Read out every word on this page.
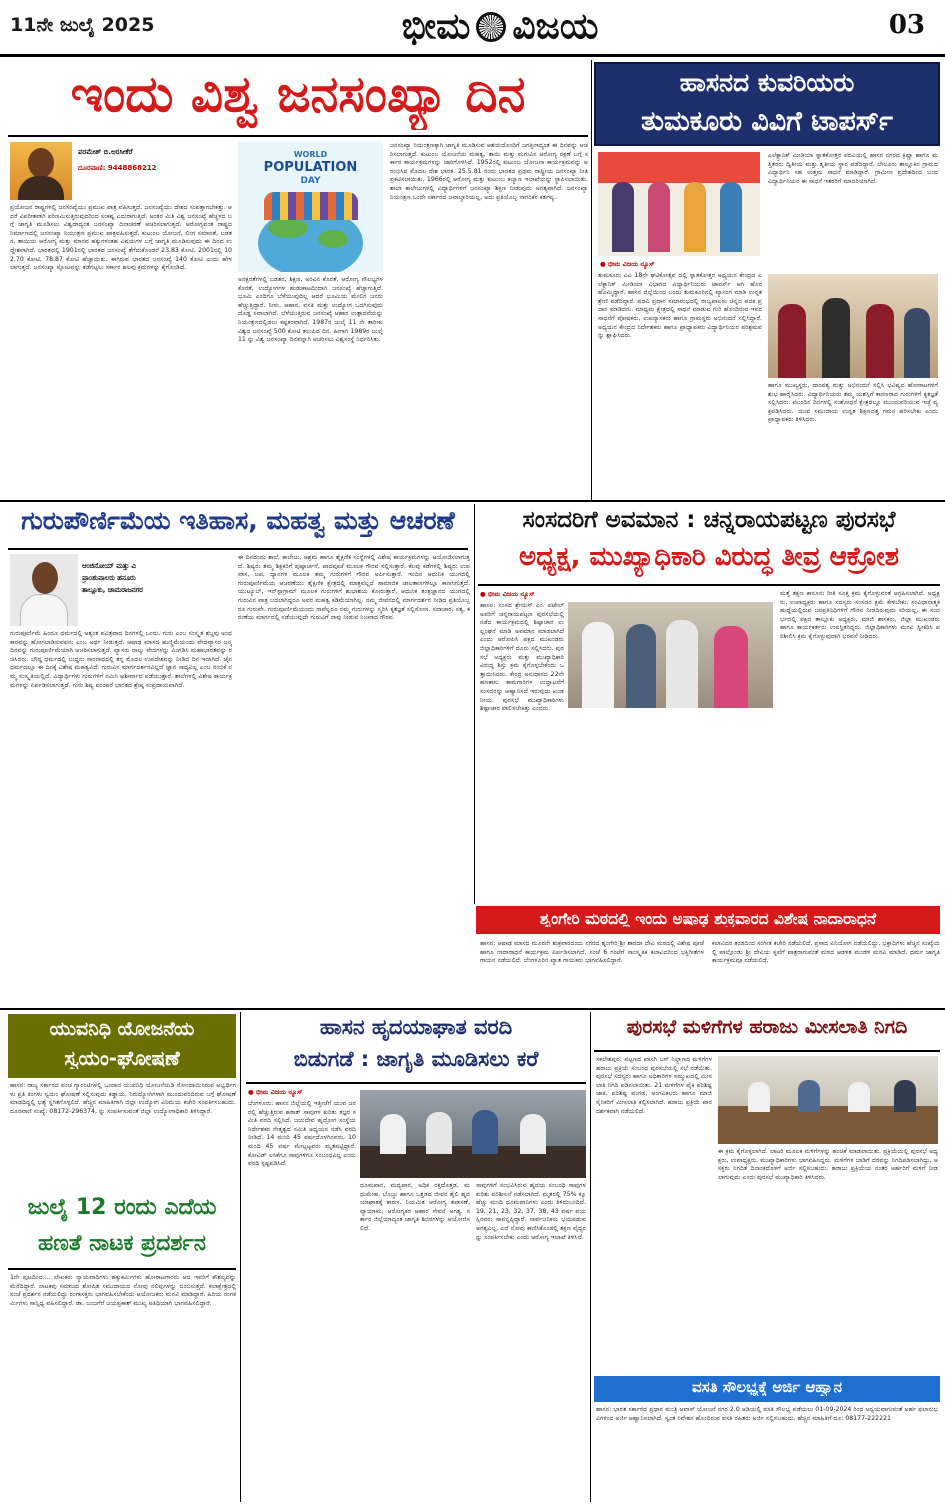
11ನೇ ಜುಲೈ 2025	ಭೀಮ ವಿಜಯ	03
ಇಂದು ವಿಶ್ವ ಜನಸಂಖ್ಯಾ ದಿನ
ಪರಮೇಶ್ ಬಿ.ಅರಸೀಕೆರೆ
ದೂರವಾಣಿ: 9448868212
ಪ್ರಯೋಜನ ರಾಷ್ಟ್ರಗಳಲ್ಲಿ ಜನಸಂಖ್ಯೆಯು ಪ್ರಮುಖ ಪಾತ್ರ ವಹಿಸುತ್ತದೆ. ಜನಸಂಖ್ಯೆಯು ದೇಶದ ಸಂಪತ್ತಾಗಬೇಕತ್ತು. ಆದರೆ ವಿಪರೀತವಾಗಿ ಪರಿಣಮಿಸುತ್ತಿರುವುದರಿಂದ ಸಂಕಷ್ಟ ಎದುರಾಗುತ್ತಿದೆ. ಅಂತರ ಮಿತಿ ವಿಶ್ವ ಜನಸಂಖ್ಯೆ ಹೆಚ್ಚಳದ ಬಗ್ಗೆ ಜಾಗೃತಿ ಮೂಡಿಸಲು ವಿಶ್ವದಾದ್ಯಂತ ಜನಸಂಖ್ಯಾ ದಿನಾಚರಣೆ ಆಚರಿಸಲಾಗುತ್ತದೆ. ಆರೋಗ್ಯವಂತ ರಾಷ್ಟ್ರದ ನಿರ್ಮಾಣದಲ್ಲಿ ಜನಸಂಖ್ಯಾ ನಿಯಂತ್ರಣ ಪ್ರಮುಖ ಪಾತ್ರವಹಿಸುತ್ತದೆ. ಕುಟುಂಬ ಯೋಜನೆ, ಲಿಂಗ ಸಮಾನತೆ, ಬಡತನ, ತಾಯಿಯ ಆರೋಗ್ಯ ಮತ್ತು ಮಾನವ ಹಕ್ಕುಗಳಂತಹ ವಿಷಯಗಳ ಬಗ್ಗೆ ಜಾಗೃತಿ ಮೂಡಿಸುವುದು ಈ ದಿನದ ಉದ್ದೇಶವಾಗಿದೆ. ಭಾರತದಲ್ಲಿ 1901ರಲ್ಲಿ ಭಾರತದ ಜನಸಂಖ್ಯೆ ತೆಗೆದುಕೊಂಡರೆ 23.83 ಕೋಟಿ, 2001ರಲ್ಲಿ 102.70 ಕೋಟಿ, 78.87 ಕೋಟಿ ಹೆಚ್ಚಾಯಿತು. ಈಗಿರುವ ಭಾರತದ ಜನಸಂಖ್ಯೆ 140 ಕೋಟಿ ಎಂದು ಹೇಳಲಾಗುತ್ತದೆ. ಜನಸಂಖ್ಯಾ ಸ್ಫೋಟವನ್ನು ತಡೆಗಟ್ಟಲು ಸರ್ಕಾರ ಹಲವು ಕ್ರಮಗಳನ್ನು ಕೈಗೊಂಡಿದೆ.
WORLD
POPULATION
DAY
ಅನಕ್ಷರತೆಗಳಲ್ಲಿ ಬಡತನ, ಶಿಕ್ಷಣ, ಅರಿವಿನ ಕೊರತೆ, ಆರೋಗ್ಯ ಸೌಲಭ್ಯಗಳ ಕೊರತೆ, ಉದ್ಯೋಗಗಳ ಹುಡುಕಾಟದಿಂದಾಗಿ ಜನಸಂಖ್ಯೆ ಹೆಚ್ಚಾಗುತ್ತಿದೆ. ಭೂಮಿ ಎಂದಿಗೂ ಬೆಳೆಯುವುದಿಲ್ಲ ಆದರೆ ಭೂಮಿಯ ಮೇಲಿನ ಜನರು ಹೆಚ್ಚುತ್ತಿದ್ದಾರೆ. ನೀರು, ಆಹಾರ, ವಸತಿ ಮತ್ತು ಉದ್ಯೋಗ ಒದಗಿಸುವುದು ದೊಡ್ಡ ಸವಾಲಾಗಿದೆ. ಬೆಳೆಯುತ್ತಿರುವ ಜನಸಂಖ್ಯೆ ಆಹಾರ ಉತ್ಪಾದನೆಯನ್ನು ನಿಯಂತ್ರಣದಲ್ಲಿಡಲು ಕಷ್ಟಕರವಾಗಿದೆ. 1987ರ ಜುಲೈ 11 ನೇ ತಾರೀಕು ವಿಶ್ವದ ಜನಸಂಖ್ಯೆ 500 ಕೋಟಿ ತಲುಪಿದ ದಿನ. ಹೀಗಾಗಿ 1989ರ ಜುಲೈ 11 ನ್ನು ವಿಶ್ವ ಜನಸಂಖ್ಯಾ ದಿನವನ್ನಾಗಿ ಆಚರಿಸಲು ವಿಶ್ವಸಂಸ್ಥೆ ನಿರ್ಧರಿಸಿತು.
ಜನಸಂಖ್ಯಾ ನಿಯಂತ್ರಣಕ್ಕಾಗಿ ಜಾಗೃತಿ ಮೂಡಿಸುವ ಆಶಯದೊಂದಿಗೆ ಜಗತ್ತಿನಾದ್ಯಂತ ಈ ದಿನವನ್ನು ಆಚರಿಸಲಾಗುತ್ತದೆ. ಕುಟುಂಬ ಯೋಜನೆಯ ಮಹತ್ವ, ತಾಯಿ ಮತ್ತು ಮಗುವಿನ ಆರೋಗ್ಯ ರಕ್ಷಣೆ ಬಗ್ಗೆ ಸರ್ಕಾರ ಕಾರ್ಯಕ್ರಮಗಳನ್ನು ಜಾರಿಗೊಳಿಸಿದೆ. 1952ರಲ್ಲಿ ಕುಟುಂಬ ಯೋಜನಾ ಕಾರ್ಯಕ್ರಮವನ್ನು ಆರಂಭಿಸಿದ ಮೊದಲ ದೇಶ ಭಾರತ. 25.5.81 ರಂದು ಭಾರತದ ಪ್ರಥಮ ರಾಷ್ಟ್ರೀಯ ಜನಸಂಖ್ಯಾ ನೀತಿ ಪ್ರಕಟಿಸಲಾಯಿತು. 1966ರಲ್ಲಿ ಆರೋಗ್ಯ ಮತ್ತು ಕುಟುಂಬ ಕಲ್ಯಾಣ ಇಲಾಖೆಯನ್ನು ಸ್ಥಾಪಿಸಲಾಯಿತು. ಶಾಲಾ ಕಾಲೇಜುಗಳಲ್ಲಿ ವಿದ್ಯಾರ್ಥಿಗಳಿಗೆ ಜನಸಂಖ್ಯಾ ಶಿಕ್ಷಣ ನೀಡುವುದು ಅಗತ್ಯವಾಗಿದೆ. ಜನಸಂಖ್ಯಾ ನಿಯಂತ್ರಣ ಒಂದೇ ಸರ್ಕಾರದ ಜವಾಬ್ದಾರಿಯಲ್ಲ, ಅದು ಪ್ರತಿಯೊಬ್ಬ ನಾಗರಿಕನ ಕರ್ತವ್ಯ..
ಹಾಸನದ ಕುವರಿಯರು
ತುಮಕೂರು ವಿವಿಗೆ ಟಾಪರ್ಸ್
● ಭೀಮ ವಿಜಯ ನ್ಯೂಸ್
ತುಮಕೂರು ವಿವಿ 18ನೇ ಘಟಿಕೋತ್ಸವ ದಲ್ಲಿ ಸ್ನಾತಕೋತ್ತರ ಅಧ್ಯಯನ ಕೇಂದ್ರದ ಎಲೆಕ್ಟ್ರಾನಿಕ್ ಮೀಡಿಯಾ ವಿಭಾಗದ ವಿದ್ಯಾರ್ಥಿನಿಯರು ಟಾಪರ್ಸ್ ಆಗಿ ಹೊರಹೊಮ್ಮಿದ್ದಾರೆ. ಹಾಸನ ಜಿಲ್ಲೆಯಿಂದ ಬಂದು ತುಮಕೂರಿನಲ್ಲಿ ವ್ಯಾಸಂಗ ಮಾಡಿ ಉನ್ನತ ಶ್ರೇಣಿ ಪಡೆದಿದ್ದಾರೆ. ಪದವಿ ಪ್ರದಾನ ಸಮಾರಂಭದಲ್ಲಿ ರಾಜ್ಯಪಾಲರು ಚಿನ್ನದ ಪದಕ ಪ್ರದಾನ ಮಾಡಿದರು. ಮಾಧ್ಯಮ ಕ್ಷೇತ್ರದಲ್ಲಿ ಸಾಧನೆ ಮಾಡುವ ಗುರಿ ಹೊಂದಿರುವ ಇವರ ಸಾಧನೆಗೆ ಪೋಷಕರು, ಉಪನ್ಯಾಸಕರು ಹಾಗೂ ಗ್ರಾಮಸ್ಥರು ಅಭಿನಂದನೆ ಸಲ್ಲಿಸಿದ್ದಾರೆ. ಅಧ್ಯಯನ ಕೇಂದ್ರದ ನಿರ್ದೇಶಕರು ಹಾಗೂ ಪ್ರಾಧ್ಯಾಪಕರು ವಿದ್ಯಾರ್ಥಿನಿಯರ ಪರಿಶ್ರಮವನ್ನು ಶ್ಲಾಘಿಸಿದರು.
ಎಲೆಕ್ಟ್ರಾನಿಕ್ ಮೀಡಿಯಾ ಸ್ನಾತಕೋತ್ತರ ಪದವಿಯಲ್ಲಿ ಹಾಸನ ನಗರದ ಕ್ರಿಷ್ಣಾ ಹಾಗೂ ಮತ್ತಿತರರು ದ್ವಿತೀಯ ಮತ್ತು ತೃತೀಯ ಸ್ಥಾನ ಪಡೆದಿದ್ದಾರೆ. ಬೇಲೂರು ತಾಲ್ಲೂಕಿನ ಗ್ರಾಮದ ವಿದ್ಯಾರ್ಥಿನಿ ಸಹ ಉತ್ತಮ ಸಾಧನೆ ಮಾಡಿದ್ದಾರೆ. ಗ್ರಾಮೀಣ ಪ್ರದೇಶದಿಂದ ಬಂದ ವಿದ್ಯಾರ್ಥಿನಿಯರ ಈ ಸಾಧನೆ ಇತರರಿಗೆ ಮಾದರಿಯಾಗಿದೆ.
ಹಾಗೂ ಮುಖ್ಯಸ್ಥರು, ದಾಂಪತ್ಯ ಮತ್ತು ಅಭಿನಂದನೆ ಸಲ್ಲಿಸಿ ಭವಿಷ್ಯದ ಹೋರಾಟಗಳಿಗೆ ಶುಭ ಹಾರೈಸಿದರು. ವಿದ್ಯಾರ್ಥಿನಿಯರು ತಮ್ಮ ಯಶಸ್ಸಿಗೆ ಕಾರಣರಾದ ಗುರುಗಳಿಗೆ ಕೃತಜ್ಞತೆ ಸಲ್ಲಿಸಿದರು. ಮುಂದಿನ ದಿನಗಳಲ್ಲಿ ಸಂಶೋಧನೆ ಕ್ಷೇತ್ರದಲ್ಲೂ ಮುಂದುವರಿಯುವ ಇಚ್ಛೆ ವ್ಯಕ್ತಪಡಿಸಿದರು. ಯುವ ಸಮುದಾಯ ಉನ್ನತ ಶಿಕ್ಷಣದತ್ತ ಗಮನ ಹರಿಸಬೇಕು ಎಂದು ಪ್ರಾಧ್ಯಾಪಕರು ತಿಳಿಸಿದರು.
ಗುರುಪೌರ್ಣಿಮೆಯ ಇತಿಹಾಸ, ಮಹತ್ವ ಮತ್ತು ಆಚರಣೆ
ಆಂಜಿನೋಯ್ ಮತ್ತು ವಿ
ಪ್ರಾಂಶುಪಾಲರು ಹನೂರು
ತಾಲ್ಲೂಕು, ಚಾಮರಾಜನಗರ
ಗುರುಪೂರ್ಣಿಮೆ ಹಿಂದೂ ಧರ್ಮದಲ್ಲಿ ಅತ್ಯಂತ ಪವಿತ್ರವಾದ ದಿನಗಳಲ್ಲಿ ಒಂದು. ಗುರು ಎಂಬ ಸಂಸ್ಕೃತ ಶಬ್ದವು ಅಂಧಕಾರವನ್ನು ಹೋಗಲಾಡಿಸುವವನು ಎಂಬ ಅರ್ಥ ನೀಡುತ್ತದೆ. ಆಷಾಢ ಮಾಸದ ಹುಣ್ಣಿಮೆಯಂದು ವೇದವ್ಯಾಸರ ಜನ್ಮದಿನವನ್ನು ಗುರುಪೂರ್ಣಿಮೆಯಾಗಿ ಆಚರಿಸಲಾಗುತ್ತದೆ. ವ್ಯಾಸರು ನಾಲ್ಕು ವೇದಗಳನ್ನು ವಿಂಗಡಿಸಿ ಮಹಾಭಾರತವನ್ನು ರಚಿಸಿದರು. ಬೌದ್ಧ ಧರ್ಮದಲ್ಲಿ ಬುದ್ಧನು ಸಾರನಾಥದಲ್ಲಿ ತನ್ನ ಮೊದಲ ಉಪದೇಶವನ್ನು ನೀಡಿದ ದಿನ ಇದಾಗಿದೆ. ಜೈನ ಧರ್ಮದಲ್ಲೂ ಈ ದಿನಕ್ಕೆ ವಿಶೇಷ ಮಹತ್ವವಿದೆ. ಗುರುವಿನ ಮಾರ್ಗದರ್ಶನವಿಲ್ಲದೆ ಜ್ಞಾನ ಸಾಧ್ಯವಿಲ್ಲ ಎಂಬ ನಂಬಿಕೆ ನಮ್ಮ ಸಂಸ್ಕೃತಿಯಲ್ಲಿದೆ. ವಿದ್ಯಾರ್ಥಿಗಳು ಗುರುಗಳಿಗೆ ನಮಿಸಿ ಆಶೀರ್ವಾದ ಪಡೆಯುತ್ತಾರೆ. ಶಾಲೆಗಳಲ್ಲಿ ವಿಶೇಷ ಕಾರ್ಯಕ್ರಮಗಳನ್ನು ಏರ್ಪಡಿಸಲಾಗುತ್ತದೆ. ಗುರು ಶಿಷ್ಯ ಪರಂಪರೆ ಭಾರತದ ಶ್ರೇಷ್ಠ ಸಂಪ್ರದಾಯವಾಗಿದೆ.
ಈ ದಿನದಂದು ಶಾಲೆ, ಕಾಲೇಜು, ಆಶ್ರಮ ಹಾಗೂ ಶೈಕ್ಷಣಿಕ ಸಂಸ್ಥೆಗಳಲ್ಲಿ ವಿಶೇಷ ಕಾರ್ಯಕ್ರಮಗಳನ್ನು ಆಯೋಜಿಸಲಾಗುತ್ತದೆ. ಶಿಷ್ಯರು ತಮ್ಮ ಶಿಕ್ಷಕರಿಗೆ ಪುಷ್ಪಾರ್ಚನೆ, ಪಾದಪೂಜೆ ಮೂಲಕ ಗೌರವ ಸಲ್ಲಿಸುತ್ತಾರೆ. ಕೆಲವು ಕಡೆಗಳಲ್ಲಿ ಶಿಷ್ಯರು ಉಪವಾಸ, ಜಪ, ಧ್ಯಾನಗಳ ಮೂಲಕ ತಮ್ಮ ಗುರುಗಳಿಗೆ ಗೌರವ ಅರ್ಪಿಸುತ್ತಾರೆ. ಇಂದಿನ ಆಧುನಿಕ ಯುಗದಲ್ಲಿ ಗುರುಪೂರ್ಣಿಮೆಯ ಆಚರಣೆಯು ಶೈಕ್ಷಣಿಕ ಕ್ಷೇತ್ರದಲ್ಲಿ ಮಾತ್ರವಲ್ಲದೆ ಸಾಮಾಜಿಕ ಜಾಲತಾಣಗಳಲ್ಲೂ ಕಾಣಸಿಗುತ್ತದೆ. ಯುಟ್ಯೂಬ್, ಇನ್‌ಸ್ಟಾಗ್ರಾಮ್ ಮೂಲಕ ಗುರುಗಳಿಗೆ ಶುಭಾಶಯ ಕೋರುತ್ತಾರೆ. ಆಧುನಿಕ ತಂತ್ರಜ್ಞಾನದ ಯುಗದಲ್ಲಿ ಗುರುವಿನ ಪಾತ್ರ ಬದಲಾಗಿದ್ದರೂ ಅವರ ಮಹತ್ವ ಕಡಿಮೆಯಾಗಿಲ್ಲ. ನಮ್ಮ ಜೀವನದಲ್ಲಿ ಮಾರ್ಗದರ್ಶನ ನೀಡಿದ ಪ್ರತಿಯೊಬ್ಬರೂ ಗುರುವೇ. ಗುರುಪೂರ್ಣಿಮೆಯಂದು ನಾವೆಲ್ಲರೂ ನಮ್ಮ ಗುರುಗಳನ್ನು ಸ್ಮರಿಸಿ ಕೃತಜ್ಞತೆ ಸಲ್ಲಿಸೋಣ. ಸದಾಚಾರ, ಸತ್ಯ, ಕರುಣೆಯ ಮಾರ್ಗದಲ್ಲಿ ನಡೆಯುವುದೇ ಗುರುವಿಗೆ ನಾವು ನೀಡುವ ನಿಜವಾದ ಗೌರವ.
ಸಂಸದರಿಗೆ ಅವಮಾನ : ಚನ್ನರಾಯಪಟ್ಟಣ ಪುರಸಭೆ
ಅಧ್ಯಕ್ಷ, ಮುಖ್ಯಾಧಿಕಾರಿ ವಿರುದ್ಧ ತೀವ್ರ ಆಕ್ರೋಶ
● ಭೀಮ ವಿಜಯ ನ್ಯೂಸ್
ಹಾಸನ: ಸಂಸದ ಶ್ರೇಯಸ್ ಎಂ. ಪಟೇಲ್ ಅವರಿಗೆ ಚನ್ನರಾಯಪಟ್ಟಣ ಪುರಸಭೆಯಲ್ಲಿ ನಡೆದ ಕಾರ್ಯಕ್ರಮದಲ್ಲಿ ಶಿಷ್ಟಾಚಾರ ಉಲ್ಲಂಘನೆ ಮಾಡಿ ಅವಮಾನ ಮಾಡಲಾಗಿದೆ ಎಂದು ಆರೋಪಿಸಿ ಪಕ್ಷದ ಮುಖಂಡರು ಜಿಲ್ಲಾಧಿಕಾರಿಗಳಿಗೆ ದೂರು ಸಲ್ಲಿಸಿದರು. ಪುರಸಭೆ ಅಧ್ಯಕ್ಷರು ಮತ್ತು ಮುಖ್ಯಾಧಿಕಾರಿ ವಿರುದ್ಧ ಶಿಸ್ತು ಕ್ರಮ ಕೈಗೊಳ್ಳಬೇಕೆಂದು ಒತ್ತಾಯಿಸಿದರು. ಕೇಂದ್ರ ಅನುದಾನದ 22ನೇ ಹಣಕಾಸು ಕಾಮಗಾರಿಗಳ ಉದ್ಘಾಟನೆಗೆ ಸಂಸದರನ್ನು ಆಹ್ವಾನಿಸದೆ ಇರುವುದು ಖಂಡನೀಯ. ಪುರಸಭೆ ಮುಖ್ಯಾಧಿಕಾರಿಗಳು ಶಿಷ್ಟಾಚಾರ ಪಾಲಿಸಬೇಕಿತ್ತು ಎಂದರು.
ಮತ್ತೆ ತಕ್ಷಣ ಕಾನೂನು ರೀತಿ ಸೂಕ್ತ ಕ್ರಮ ಕೈಗೊಳ್ಳುವಂತೆ ಆಗ್ರಹಿಸಲಾಗಿದೆ. ಅಧ್ಯಕ್ಷರು, ಉಪಾಧ್ಯಕ್ಷರು ಹಾಗೂ ಸದಸ್ಯರು ಸಂಸದರ ಕ್ಷಮೆ ಕೇಳಬೇಕು. ಸಂವಿಧಾನಾತ್ಮಕ ಹುದ್ದೆಯಲ್ಲಿರುವ ಜನಪ್ರತಿನಿಧಿಗಳಿಗೆ ಗೌರವ ನೀಡದಿರುವುದು ಸರಿಯಲ್ಲ. ಈ ಸಂದರ್ಭದಲ್ಲಿ ಪಕ್ಷದ ತಾಲ್ಲೂಕು ಅಧ್ಯಕ್ಷರು, ಮಾಜಿ ಶಾಸಕರು, ಜಿಲ್ಲಾ ಮುಖಂಡರು ಹಾಗೂ ಕಾರ್ಯಕರ್ತರು ಉಪಸ್ಥಿತರಿದ್ದರು. ಜಿಲ್ಲಾಧಿಕಾರಿಗಳು ಮನವಿ ಸ್ವೀಕರಿಸಿ ಪರಿಶೀಲಿಸಿ ಕ್ರಮ ಕೈಗೊಳ್ಳುವುದಾಗಿ ಭರವಸೆ ನೀಡಿದರು.
ಶೃಂಗೇರಿ ಮಠದಲ್ಲಿ ಇಂದು ಅಷಾಢ ಶುಕ್ರವಾರದ ವಿಶೇಷ ನಾದಾರಾಧನೆ
ಹಾಸನ: ಆಷಾಢ ಮಾಸದ ಮೂರನೇ ಶುಕ್ರವಾರದಂದು ನಗರದ ಶೃಂಗೇರಿ ಶ್ರೀ ಶಾರದಾ ದೇವಿ ಮಠದಲ್ಲಿ ವಿಶೇಷ ಪೂಜೆ ಹಾಗೂ ನಾದಾರಾಧನೆ ಕಾರ್ಯಕ್ರಮ ಏರ್ಪಡಿಸಲಾಗಿದೆ. ಸಂಜೆ 6 ಗಂಟೆಗೆ ಸಾಂಸ್ಕೃತಿಕ ಕಲಾವಿದರಿಂದ ಭಕ್ತಿಗೀತೆಗಳ ಗಾಯನ ನಡೆಯಲಿದೆ. ಬೆಂಗಳೂರಿನ ಖ್ಯಾತ ಗಾಯಕರು ಭಾಗವಹಿಸಲಿದ್ದಾರೆ.
ಕಲಾವಿದರ ತಂಡದಿಂದ ಸಂಗೀತ ಕಚೇರಿ ನಡೆಯಲಿದೆ. ಪ್ರಸಾದ ವಿನಿಯೋಗ ನಡೆಯಲಿದ್ದು, ಭಕ್ತಾದಿಗಳು ಹೆಚ್ಚಿನ ಸಂಖ್ಯೆಯಲ್ಲಿ ಪಾಲ್ಗೊಂಡು ಶ್ರೀ ದೇವಿಯ ಕೃಪೆಗೆ ಪಾತ್ರರಾಗುವಂತೆ ಮಠದ ಆಡಳಿತ ಮಂಡಳಿ ಮನವಿ ಮಾಡಿದೆ. ಧರ್ಮ ಜಾಗೃತಿ ಕಾರ್ಯಕ್ರಮವೂ ನಡೆಯಲಿದೆ.
ಯುವನಿಧಿ ಯೋಜನೆಯ
ಸ್ವಯಂ-ಘೋಷಣೆ
ಹಾಸನ: ರಾಜ್ಯ ಸರ್ಕಾರದ ಪಂಚ ಗ್ಯಾರಂಟಿಗಳಲ್ಲಿ ಒಂದಾದ ಯುವನಿಧಿ ಯೋಜನೆಯಡಿ ನೋಂದಾಯಿಸಿರುವ ಅಭ್ಯರ್ಥಿಗಳು ಪ್ರತಿ ತಿಂಗಳು ಸ್ವಯಂ ಘೋಷಣೆ ಸಲ್ಲಿಸುವುದು ಕಡ್ಡಾಯ. ನಿರುದ್ಯೋಗಿಗಳಾಗಿ ಮುಂದುವರಿದಿರುವ ಬಗ್ಗೆ ಘೋಷಣೆ ಮಾಡದಿದ್ದಲ್ಲಿ ಭತ್ಯೆ ಸ್ಥಗಿತಗೊಳ್ಳಲಿದೆ. ಹೆಚ್ಚಿನ ಮಾಹಿತಿಗಾಗಿ ಜಿಲ್ಲಾ ಉದ್ಯೋಗ ವಿನಿಮಯ ಕಚೇರಿ ಸಂಪರ್ಕಿಸಬಹುದು. ದೂರವಾಣಿ ಸಂಖ್ಯೆ: 08172-296374, ನ್ನು ಸಂಪರ್ಕಿಸುವಂತೆ ಜಿಲ್ಲಾ ಉದ್ಯೋಗಾಧಿಕಾರಿ ತಿಳಿಸಿದ್ದಾರೆ.
ಜುಲೈ 12 ರಂದು ಎದೆಯ
ಹಣತೆ ನಾಟಕ ಪ್ರದರ್ಶನ
1ನೇ ಪುಟದಿಂದ.... ಲೇಖಕರು ನ್ಯಾಯವಾದಿಗಳು ಹಕ್ಕುಕರ್ಮಿಗಳು ಹೋರಾಟಗಾರರು ಆದ ಇವರಿಗೆ ಕೌಶಲ್ಯವನ್ನು ಮೆರೆದಿದ್ದಾರೆ. ನಾಟಕವು ಸಮಾಜದ ಶೋಷಿತ ಸಮುದಾಯದ ನೋವು ನಲಿವುಗಳನ್ನು ಬಿಂಬಿಸುತ್ತದೆ. ಕಲಾಕ್ಷೇತ್ರದಲ್ಲಿ ಸಂಜೆ ಪ್ರದರ್ಶನ ನಡೆಯಲಿದ್ದು ರಂಗಾಸಕ್ತರು ಭಾಗವಹಿಸಬೇಕೆಂದು ಆಯೋಜಕರು ಮನವಿ ಮಾಡಿದ್ದಾರೆ. ಹಿರಿಯ ರಂಗಕರ್ಮಿಗಳು ಸಾನ್ನಿಧ್ಯ ವಹಿಸಲಿದ್ದಾರೆ. ಡಾ. ಬಂಜಗೆರೆ ಜಯಪ್ರಕಾಶ್ ಮುಖ್ಯ ಅತಿಥಿಯಾಗಿ ಭಾಗವಹಿಸಲಿದ್ದಾರೆ.
ಹಾಸನ ಹೃದಯಾಘಾತ ವರದಿ
ಬಿಡುಗಡೆ : ಜಾಗೃತಿ ಮೂಡಿಸಲು ಕರೆ
● ಭೀಮ ವಿಜಯ ನ್ಯೂಸ್
ಬೆಂಗಳೂರು: ಹಾಸನ ಜಿಲ್ಲೆಯಲ್ಲಿ ಇತ್ತೀಚೆಗೆ ಯುವ ಜನರಲ್ಲಿ ಹೆಚ್ಚುತ್ತಿರುವ ಹಠಾತ್ ಸಾವುಗಳ ಕುರಿತು ತಜ್ಞರ ಸಮಿತಿ ವರದಿ ಸಲ್ಲಿಸಿದೆ. ಜಯದೇವ ಹೃದ್ರೋಗ ಸಂಸ್ಥೆಯ ನಿರ್ದೇಶಕರ ನೇತೃತ್ವದ ಸಮಿತಿ ಅಧ್ಯಯನ ನಡೆಸಿ ವರದಿ ನೀಡಿದೆ. 14 ಮಂದಿ 45 ವರ್ಷದೊಳಗಿನವರು, 10 ಮಂದಿ 45 ವರ್ಷ ಮೇಲ್ಪಟ್ಟವರು ಮೃತಪಟ್ಟಿದ್ದಾರೆ. ಕೋವಿಡ್ ಲಸಿಕೆಗೂ ಸಾವುಗಳಿಗೂ ಸಂಬಂಧವಿಲ್ಲ ಎಂದು ವರದಿ ಸ್ಪಷ್ಟಪಡಿಸಿದೆ.
ಧೂಮಪಾನ, ಮದ್ಯಪಾನ, ಅಧಿಕ ರಕ್ತದೊತ್ತಡ, ಮಧುಮೇಹ, ಬೊಜ್ಜು ಹಾಗೂ ಒತ್ತಡದ ಜೀವನ ಶೈಲಿ ಹೃದಯಾಘಾತಕ್ಕೆ ಕಾರಣ. ನಿಯಮಿತ ಆರೋಗ್ಯ ತಪಾಸಣೆ, ವ್ಯಾಯಾಮ, ಆರೋಗ್ಯಕರ ಆಹಾರ ಸೇವನೆ ಅಗತ್ಯ. ಸರ್ಕಾರ ಜಿಲ್ಲೆಯಾದ್ಯಂತ ಜಾಗೃತಿ ಶಿಬಿರಗಳನ್ನು ಆಯೋಜಿಸಲಿದೆ.
ಸಾವುಗಳಿಗೆ ಸಂಭವಿಸಿರುವ ಹೃದಯ ಸಂಬಂಧಿ ಸಾವುಗಳ ಕುರಿತು ಪರಿಶೀಲನೆ ನಡೆಸಲಾಗಿದೆ. ಮೃತರಲ್ಲಿ 75% ಕ್ಕೂ ಹೆಚ್ಚು ಮಂದಿ ಧೂಮಪಾನಿಗಳು ಎಂದು ತಿಳಿದುಬಂದಿದೆ. 19, 21, 23, 32, 37, 38, 43 ವರ್ಷ ವಯಸ್ಸಿನವರು ಸಾವನ್ನಪ್ಪಿದ್ದಾರೆ. ಸಾರ್ವಜನಿಕರು ಭಯಪಡುವ ಅಗತ್ಯವಿಲ್ಲ, ಎದೆ ನೋವು ಕಾಣಿಸಿಕೊಂಡಲ್ಲಿ ತಕ್ಷಣ ವೈದ್ಯರನ್ನು ಸಂಪರ್ಕಿಸಬೇಕು ಎಂದು ಆರೋಗ್ಯ ಇಲಾಖೆ ತಿಳಿಸಿದೆ.
ಪುರಸಭೆ ಮಳಿಗೆಗಳ ಹರಾಜು ಮೀಸಲಾತಿ ನಿಗದಿ
ಸಕಲೇಶಪುರ: ಪಟ್ಟಣದ ಖಾಸಗಿ ಬಸ್ ನಿಲ್ದಾಣದ ಮಳಿಗೆಗಳ ಹರಾಜು ಪ್ರಕ್ರಿಯೆ ಸಂಬಂಧ ಪುರಸಭೆಯಲ್ಲಿ ಸಭೆ ನಡೆಯಿತು. ಪುರಸಭೆ ಸದಸ್ಯರು ಹಾಗೂ ಅಧಿಕಾರಿಗಳ ಸಮ್ಮುಖದಲ್ಲಿ ಮೀಸಲಾತಿ ನಿಗದಿ ಪಡಿಸಲಾಯಿತು. 21 ಮಳಿಗೆಗಳ ಪೈಕಿ ಪರಿಶಿಷ್ಟ ಜಾತಿ, ಪರಿಶಿಷ್ಟ ಪಂಗಡ, ಅಂಗವಿಕಲರು ಹಾಗೂ ಮಾಜಿ ಸೈನಿಕರಿಗೆ ಮೀಸಲಾತಿ ಕಲ್ಪಿಸಲಾಗಿದೆ. ಹರಾಜು ಪ್ರಕ್ರಿಯೆ ಪಾರದರ್ಶಕವಾಗಿ ನಡೆಯಲಿದೆ.
ಈ ಕ್ರಮ ಕೈಗೊಳ್ಳಲಾಗಿದೆ. ಲಾಟರಿ ಮೂಲಕ ಮಳಿಗೆಗಳನ್ನು ಹಂಚಿಕೆ ಮಾಡಲಾಯಿತು. ಪ್ರಕ್ರಿಯೆಯಲ್ಲಿ ಪುರಸಭೆ ಅಧ್ಯಕ್ಷರು, ಉಪಾಧ್ಯಕ್ಷರು, ಮುಖ್ಯಾಧಿಕಾರಿಗಳು ಭಾಗವಹಿಸಿದ್ದರು. ಮಳಿಗೆಗಳ ಬಾಡಿಗೆ ದರವನ್ನು ನಿಗದಿಪಡಿಸಲಾಗಿದ್ದು, ಆಸಕ್ತರು ನಿಗದಿತ ದಿನಾಂಕದೊಳಗೆ ಅರ್ಜಿ ಸಲ್ಲಿಸಬಹುದು. ಹರಾಜು ಪ್ರಕ್ರಿಯೆಯ ನಂತರ ಅರ್ಹರಿಗೆ ಮಳಿಗೆ ನೀಡಲಾಗುವುದು ಎಂದು ಪುರಸಭೆ ಮುಖ್ಯಾಧಿಕಾರಿ ತಿಳಿಸಿದರು.
ವಸತಿ ಸೌಲಭ್ಯಕ್ಕೆ ಅರ್ಜಿ ಆಹ್ವಾನ
ಹಾಸನ: ಭಾರತ ಸರ್ಕಾರದ ಪ್ರಧಾನ ಮಂತ್ರಿ ಆವಾಸ್ ಯೋಜನೆ ನಗರ 2.0 ಅಡಿಯಲ್ಲಿ ವಸತಿ ಸೌಲಭ್ಯ ಪಡೆಯಲು 01-09-2024 ರಿಂದ ಅನ್ವಯವಾಗುವಂತೆ ಅರ್ಹ ಫಲಾನುಭವಿಗಳಿಂದ ಅರ್ಜಿ ಆಹ್ವಾನಿಸಲಾಗಿದೆ. ಸ್ವಂತ ನಿವೇಶನ ಹೊಂದಿರುವ ವಸತಿ ರಹಿತರು ಅರ್ಜಿ ಸಲ್ಲಿಸಬಹುದು. ಹೆಚ್ಚಿನ ಮಾಹಿತಿಗೆ ದೂ: 08177-222221
